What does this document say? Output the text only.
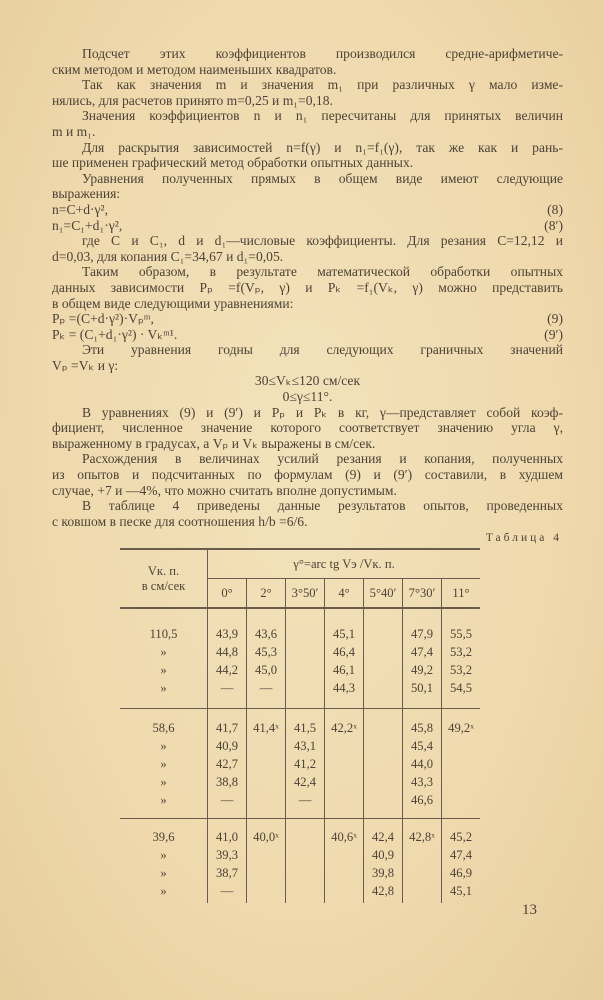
Подсчет этих коэффициентов производился средне-арифметиче-
ским методом и методом наименьших квадратов.
Так как значения m и значения m₁ при различных γ мало изме-
нялись, для расчетов принято m=0,25 и m₁=0,18.
Значения коэффициентов n и n₁ пересчитаны для принятых величин
m и m₁.
Для раскрытия зависимостей n=f(γ) и n₁=f₁(γ), так же как и рань-
ше применен графический метод обработки опытных данных.
Уравнения полученных прямых в общем виде имеют следующие
выражения:
n=C+d·γ²,	(8)

n₁=C₁+d₁·γ²,	(8′)

где C и C₁, d и d₁—числовые коэффициенты. Для резания C=12,12 и
d=0,03, для копания C₁=34,67 и d₁=0,05.
Таким образом, в результате математической обработки опытных
данных зависимости Pₚ =f(Vₚ, γ) и Pₖ =f₁(Vₖ, γ) можно представить
в общем виде следующими уравнениями:
Pₚ =(C+d·γ²)·Vₚᵐ,	(9)

Pₖ = (C₁+d₁·γ²) · Vₖᵐ¹.	(9′)

Эти уравнения годны для следующих граничных значений
Vₚ =Vₖ и γ:
30≤Vₖ≤120 см/сек
0≤γ≤11°.
В уравнениях (9) и (9′) и Pₚ и Pₖ в кг, γ—представляет собой коэф-
фициент, численное значение которого соответствует значению угла γ,
выраженному в градусах, а Vₚ и Vₖ выражены в см/сек.
Расхождения в величинах усилий резания и копания, полученных
из опытов и подсчитанных по формулам (9) и (9′) составили, в худшем
случае, +7 и —4%, что можно считать вполне допустимым.
В таблице 4 приведены данные результатов опытов, проведенных
с ковшом в песке для соотношения h/b =6/6.
Таблица 4
Vк. п.
в см/сек	γ°=arc tg Vэ /Vк. п.						
	0°	2°	3°50′	4°	5°40′	7°30′	11°

110,5	43,9	43,6		45,1		47,9	55,5
»	44,8	45,3		46,4		47,4	53,2
»	44,2	45,0		46,1		49,2	53,2
»	—	—		44,3		50,1	54,5

58,6	41,7	41,4ˣ	41,5	42,2ˣ		45,8	49,2ˣ
»	40,9		43,1			45,4	
»	42,7		41,2			44,0	
»	38,8		42,4			43,3	
»	—		—			46,6	

39,6	41,0	40,0ˣ		40,6ˣ	42,4	42,8ˣ	45,2
»	39,3				40,9		47,4
»	38,7				39,8		46,9
»	—				42,8		45,1

13
